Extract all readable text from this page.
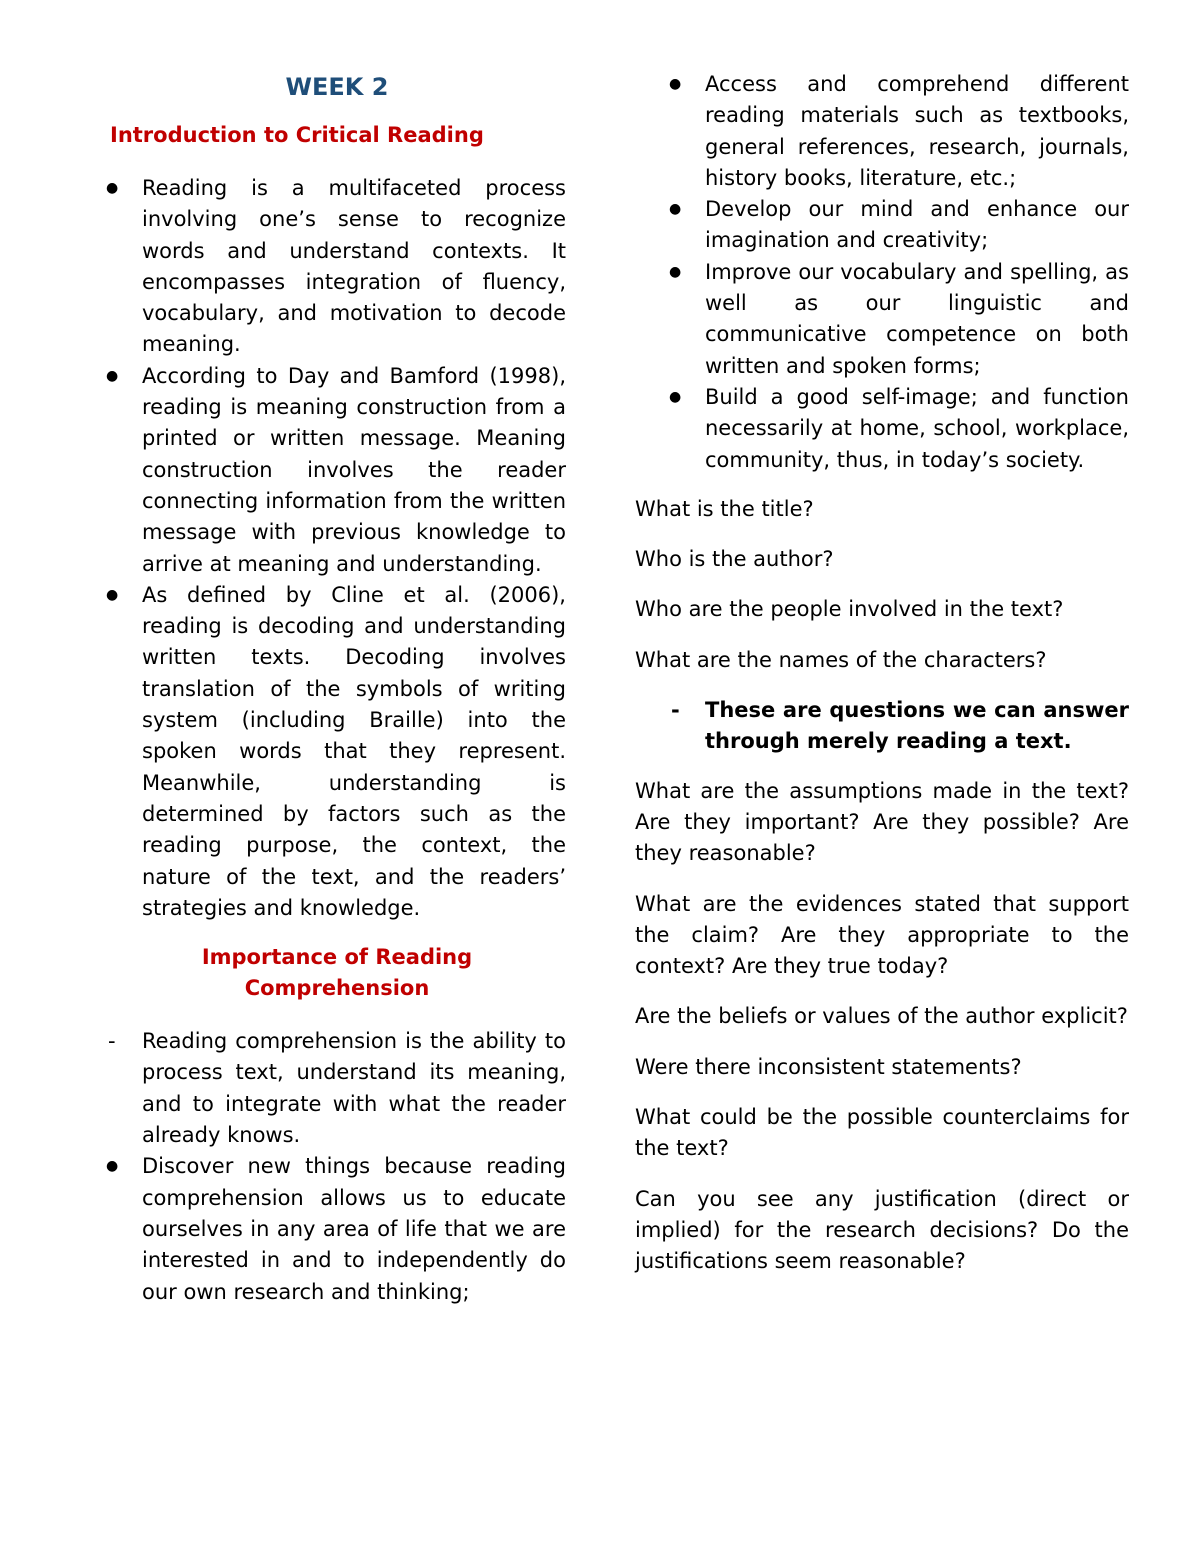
WEEK 2
Introduction to Critical Reading
●	Reading is a multifaceted process involving one’s sense to recognize words and understand contexts. It encompasses integration of fluency, vocabulary, and motivation to decode meaning.
●	According to Day and Bamford (1998), reading is meaning construction from a printed or written message. Meaning construction involves the reader connecting information from the written message with previous knowledge to arrive at meaning and understanding.
●	As defined by Cline et al. (2006), reading is decoding and understanding written texts. Decoding involves translation of the symbols of writing system (including Braille) into the spoken words that they represent. Meanwhile, understanding is determined by factors such as the reading purpose, the context, the nature of the text, and the readers’ strategies and knowledge.
Importance of Reading Comprehension
-	Reading comprehension is the ability to process text, understand its meaning, and to integrate with what the reader already knows.
●	Discover new things because reading comprehension allows us to educate ourselves in any area of life that we are interested in and to independently do our own research and thinking;
●	Access and comprehend different reading materials such as textbooks, general references, research, journals, history books, literature, etc.;
●	Develop our mind and enhance our imagination and creativity;
●	Improve our vocabulary and spelling, as well as our linguistic and communicative competence on both written and spoken forms;
●	Build a good self-image; and function necessarily at home, school, workplace, community, thus, in today’s society.

What is the title?

Who is the author?

Who are the people involved in the text?

What are the names of the characters?

-	These are questions we can answer through merely reading a text.

What are the assumptions made in the text? Are they important? Are they possible? Are they reasonable?

What are the evidences stated that support the claim? Are they appropriate to the context? Are they true today?

Are the beliefs or values of the author explicit?

Were there inconsistent statements?

What could be the possible counterclaims for the text?

Can you see any justification (direct or implied) for the research decisions? Do the justifications seem reasonable?
